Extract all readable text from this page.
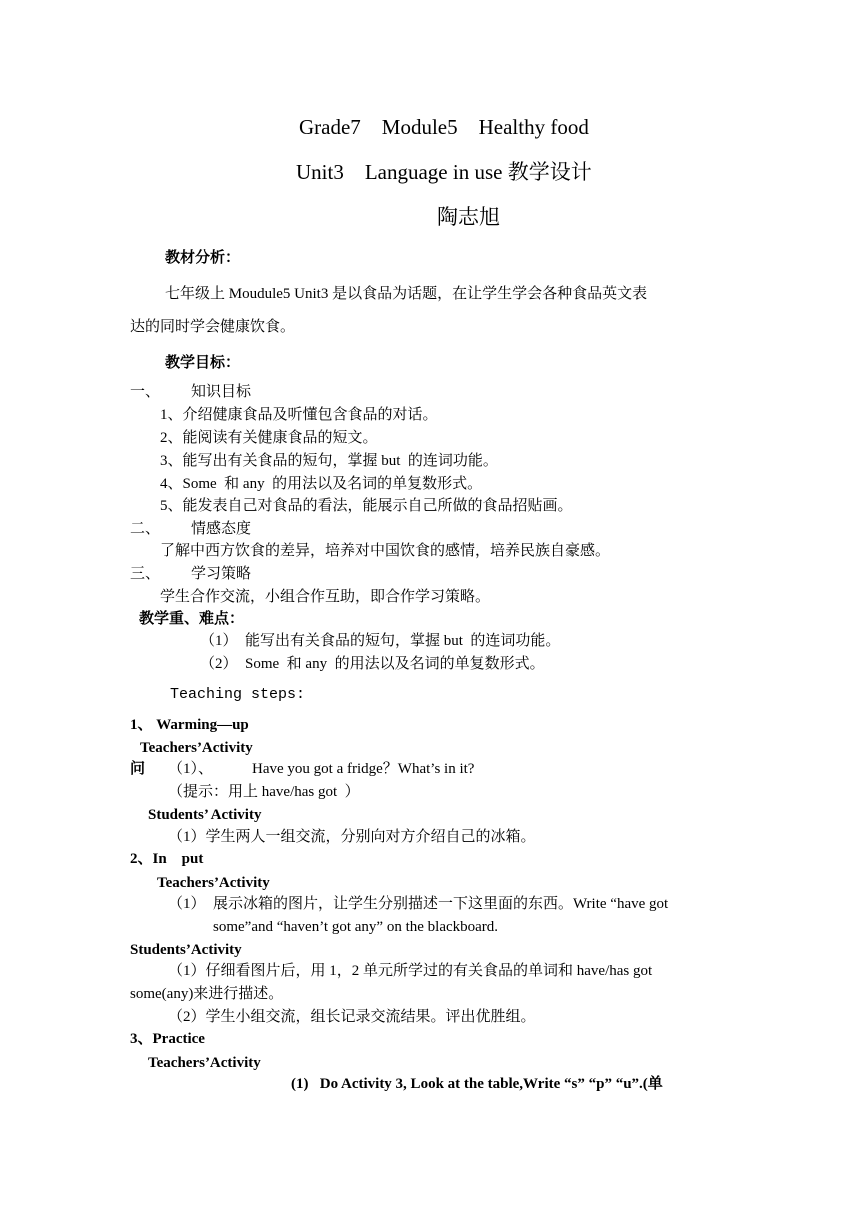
Grade7    Module5    Healthy food
Unit3    Language in use 教学设计
陶志旭
教材分析：
七年级上 Moudule5 Unit3 是以食品为话题，在让学生学会各种食品英文表
达的同时学会健康饮食。
教学目标：
一、 知识目标
1、介绍健康食品及听懂包含食品的对话。
2、能阅读有关健康食品的短文。
3、能写出有关食品的短句，掌握 but  的连词功能。
4、Some  和 any  的用法以及名词的单复数形式。
5、能发表自己对食品的看法，能展示自己所做的食品招贴画。
二、 情感态度
了解中西方饮食的差异，培养对中国饮食的感情，培养民族自豪感。
三、 学习策略
学生合作交流，小组合作互助，即合作学习策略。
教学重、难点：
（1）  能写出有关食品的短句，掌握 but  的连词功能。
（2）  Some  和 any  的用法以及名词的单复数形式。
Teaching steps:
1、 Warming—up
Teachers’Activity
问 （1）、	Have you got a fridge？What’s in it?
（提示：用上 have/has got  ）
Students’ Activity
（1）学生两人一组交流，分别向对方介绍自己的冰箱。
2、In    put
Teachers’Activity
（1） 展示冰箱的图片，让学生分别描述一下这里面的东西。Write “have got
some”and “haven’t got any” on the blackboard.
Students’Activity
（1）仔细看图片后，用 1，2 单元所学过的有关食品的单词和 have/has got
some(any)来进行描述。
（2）学生小组交流，组长记录交流结果。评出优胜组。
3、Practice
Teachers’Activity
(1)   Do Activity 3, Look at the table,Write “s” “p” “u”.(单
